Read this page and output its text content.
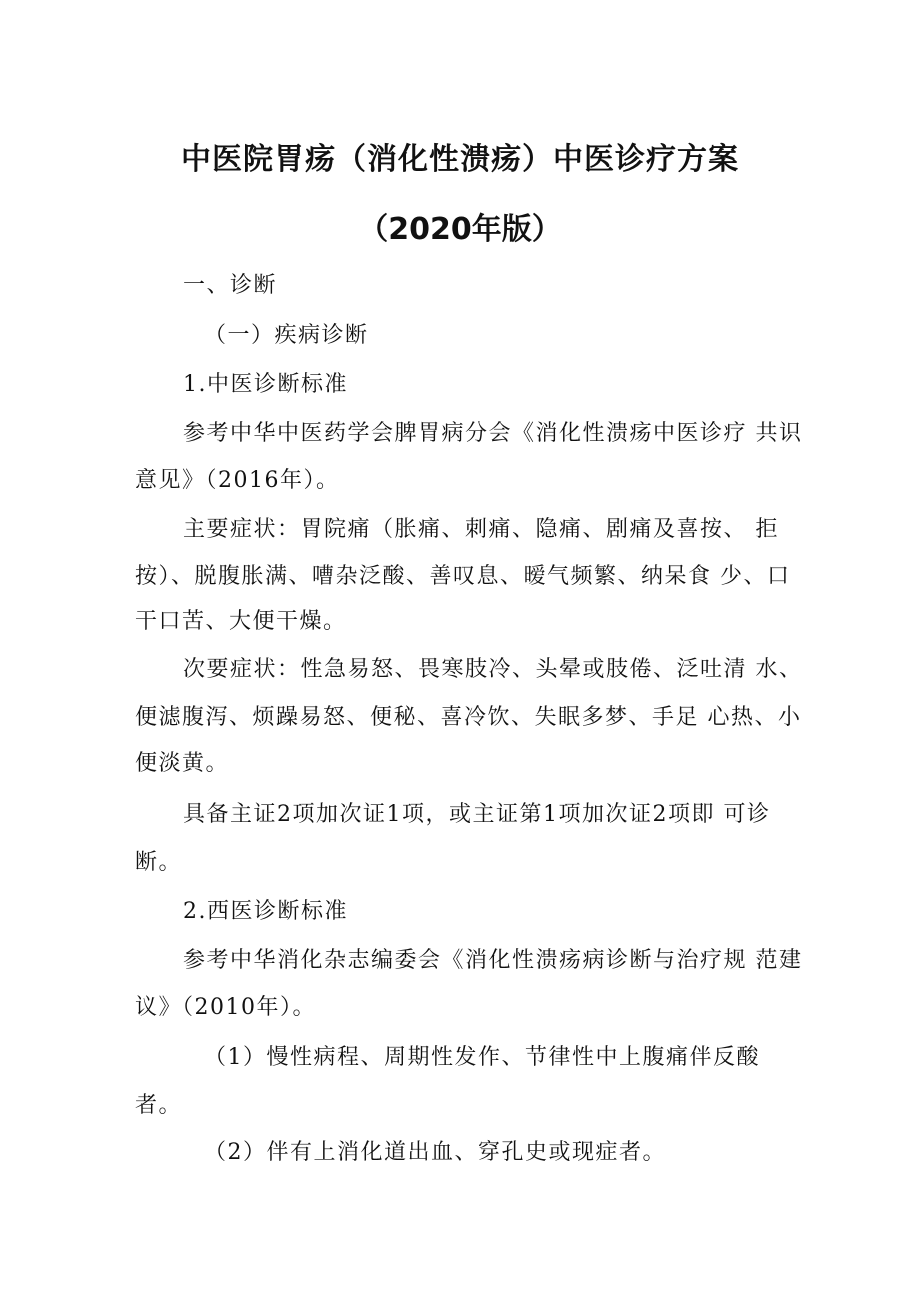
中医院胃疡（消化性溃疡）中医诊疗方案
（2020年版）

一、诊断

（一）疾病诊断

1.中医诊断标准

参考中华中医药学会脾胃病分会《消化性溃疡中医诊疗 共识

意见》（2016年）。

主要症状：胃院痛（胀痛、刺痛、隐痛、剧痛及喜按、 拒

按）、脱腹胀满、嘈杂泛酸、善叹息、暧气频繁、纳呆食 少、口

干口苦、大便干燥。

次要症状：性急易怒、畏寒肢冷、头晕或肢倦、泛吐清 水、

便滤腹泻、烦躁易怒、便秘、喜冷饮、失眠多梦、手足 心热、小

便淡黄。

具备主证2项加次证1项，或主证第1项加次证2项即 可诊

断。

2.西医诊断标准

参考中华消化杂志编委会《消化性溃疡病诊断与治疗规 范建

议》（2010年）。

（1）慢性病程、周期性发作、节律性中上腹痛伴反酸

者。

（2）伴有上消化道出血、穿孔史或现症者。
